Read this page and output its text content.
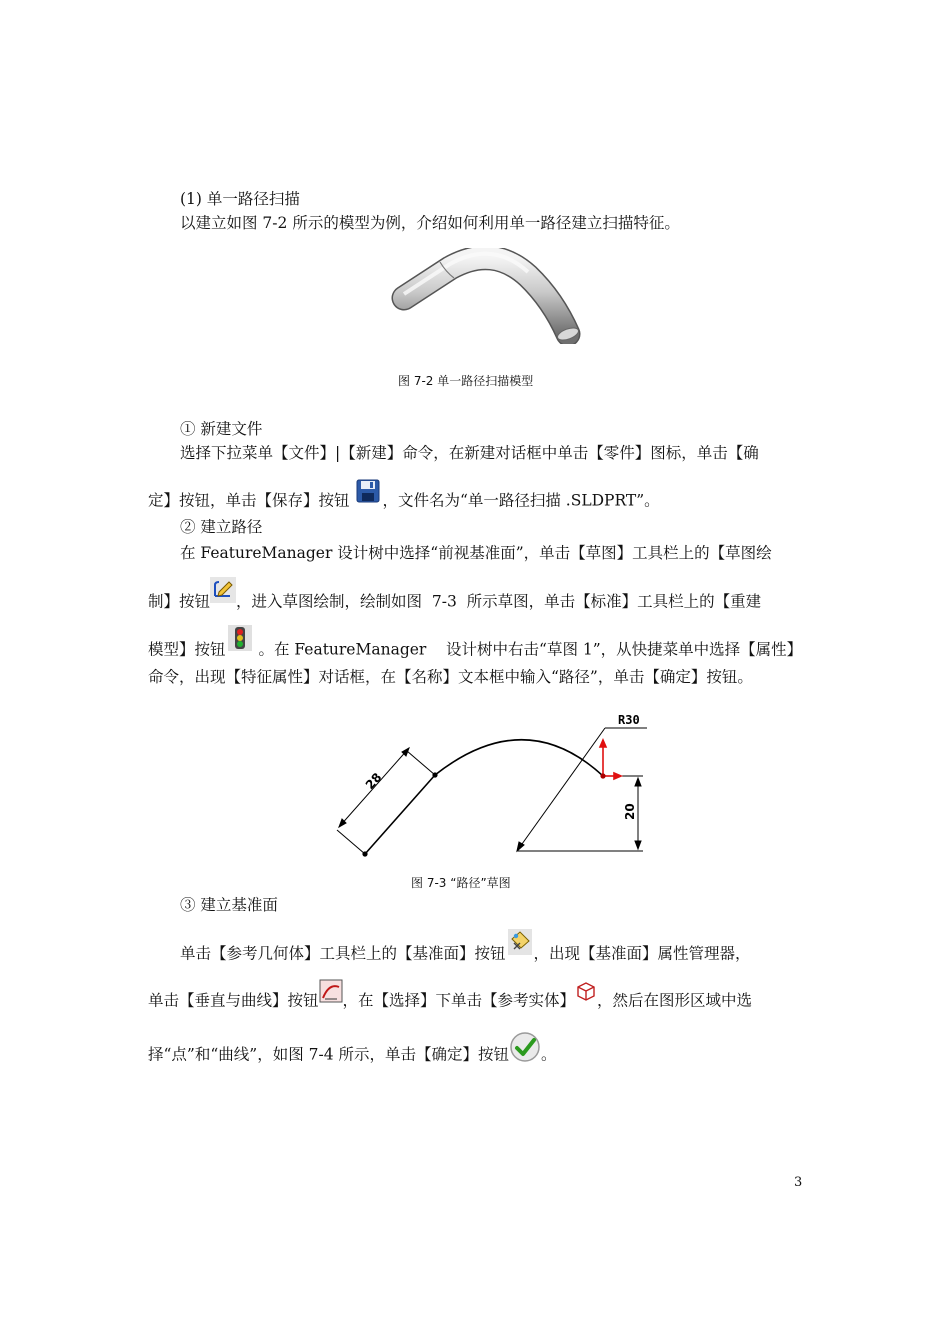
(1) 单一路径扫描
以建立如图 7-2 所示的模型为例，介绍如何利用单一路径建立扫描特征。
图 7-2 单一路径扫描模型
① 新建文件
选择下拉菜单【文件】|【新建】命令，在新建对话框中单击【零件】图标，单击【确
定】按钮，单击【保存】按钮 ，文件名为“单一路径扫描 .SLDPRT”。
② 建立路径
在 FeatureManager 设计树中选择“前视基准面”，单击【草图】工具栏上的【草图绘
制】按钮 ，进入草图绘制，绘制如图  7-3  所示草图，单击【标准】工具栏上的【重建
模型】按钮 。在 FeatureManager    设计树中右击“草图 1”，从快捷菜单中选择【属性】
命令，出现【特征属性】对话框，在【名称】文本框中输入“路径”，单击【确定】按钮。
28
R30
20
图 7-3 “路径”草图
③ 建立基准面
单击【参考几何体】工具栏上的【基准面】按钮 ，出现【基准面】属性管理器，
单击【垂直与曲线】按钮 ，在【选择】下单击【参考实体】 ，然后在图形区域中选
择“点”和“曲线”，如图 7-4 所示，单击【确定】按钮 。
3
